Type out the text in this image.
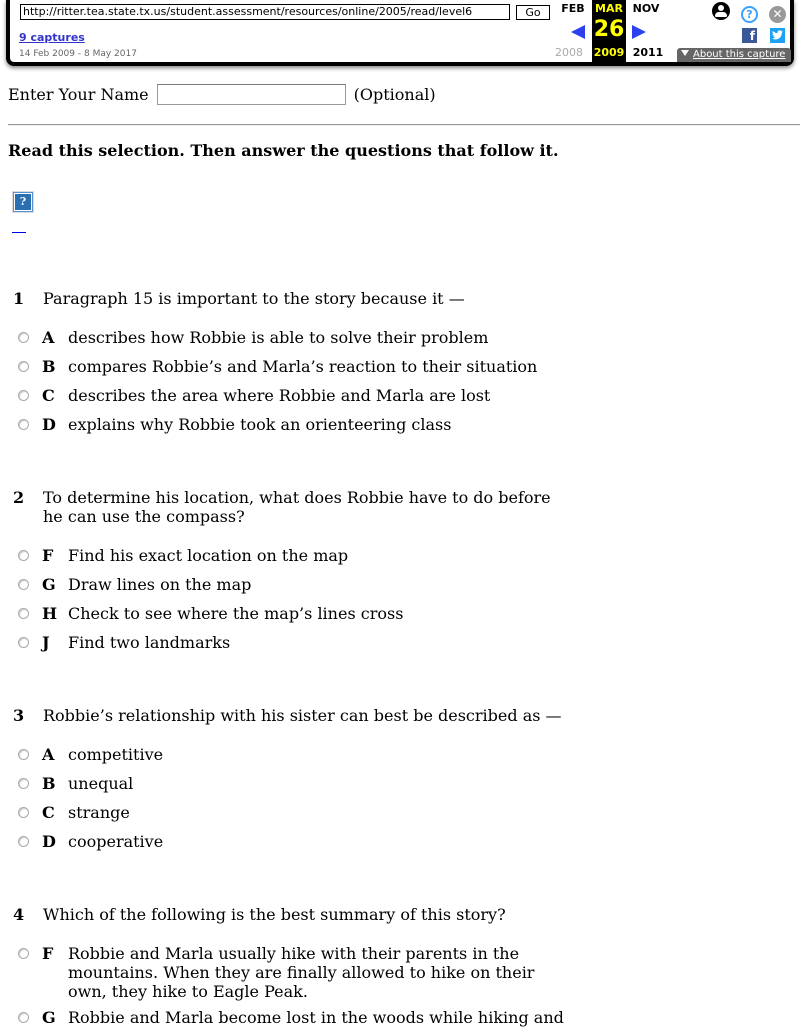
http://ritter.tea.state.tx.us/student.assessment/resources/online/2005/read/level6	Go
9 captures
14 Feb 2009 - 8 May 2017
MAR
FEB	NOV
26
2008 2009 2011
?	✕
f
About this capture
Enter Your Name	(Optional)
Read this selection. Then answer the questions that follow it.
?
1 Paragraph 15 is important to the story because it —
A describes how Robbie is able to solve their problem
B compares Robbie’s and Marla’s reaction to their situation
C describes the area where Robbie and Marla are lost
D explains why Robbie took an orienteering class
2 To determine his location, what does Robbie have to do before he can use the compass?
F Find his exact location on the map
G Draw lines on the map
H Check to see where the map’s lines cross
J Find two landmarks
3 Robbie’s relationship with his sister can best be described as —
A competitive
B unequal
C strange
D cooperative
4 Which of the following is the best summary of this story?
F Robbie and Marla usually hike with their parents in the mountains. When they are finally allowed to hike on their own, they hike to Eagle Peak.
G Robbie and Marla become lost in the woods while hiking and
